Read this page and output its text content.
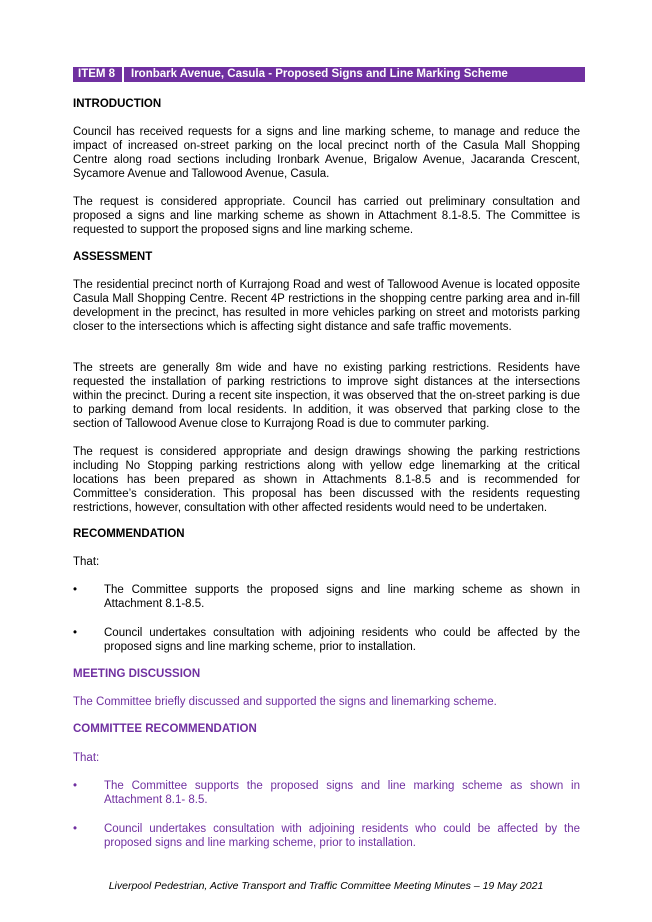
ITEM 8 Ironbark Avenue, Casula - Proposed Signs and Line Marking Scheme
INTRODUCTION

Council has received requests for a signs and line marking scheme, to manage and reduce the impact of increased on-street parking on the local precinct north of the Casula Mall Shopping Centre along road sections including Ironbark Avenue, Brigalow Avenue, Jacaranda Crescent, Sycamore Avenue and Tallowood Avenue, Casula.

The request is considered appropriate. Council has carried out preliminary consultation and proposed a signs and line marking scheme as shown in Attachment 8.1-8.5. The Committee is requested to support the proposed signs and line marking scheme.

ASSESSMENT

The residential precinct north of Kurrajong Road and west of Tallowood Avenue is located opposite Casula Mall Shopping Centre. Recent 4P restrictions in the shopping centre parking area and in-fill development in the precinct, has resulted in more vehicles parking on street and motorists parking closer to the intersections which is affecting sight distance and safe traffic movements.

The streets are generally 8m wide and have no existing parking restrictions. Residents have requested the installation of parking restrictions to improve sight distances at the intersections within the precinct. During a recent site inspection, it was observed that the on-street parking is due to parking demand from local residents. In addition, it was observed that parking close to the section of Tallowood Avenue close to Kurrajong Road is due to commuter parking.

The request is considered appropriate and design drawings showing the parking restrictions including No Stopping parking restrictions along with yellow edge linemarking at the critical locations has been prepared as shown in Attachments 8.1-8.5 and is recommended for Committee’s consideration. This proposal has been discussed with the residents requesting restrictions, however, consultation with other affected residents would need to be undertaken.

RECOMMENDATION

That:

•	The Committee supports the proposed signs and line marking scheme as shown in Attachment 8.1-8.5.
•	Council undertakes consultation with adjoining residents who could be affected by the proposed signs and line marking scheme, prior to installation.
MEETING DISCUSSION

The Committee briefly discussed and supported the signs and linemarking scheme.

COMMITTEE RECOMMENDATION

That:

•	The Committee supports the proposed signs and line marking scheme as shown in Attachment 8.1- 8.5.
•	Council undertakes consultation with adjoining residents who could be affected by the proposed signs and line marking scheme, prior to installation.
Liverpool Pedestrian, Active Transport and Traffic Committee Meeting Minutes – 19 May 2021
